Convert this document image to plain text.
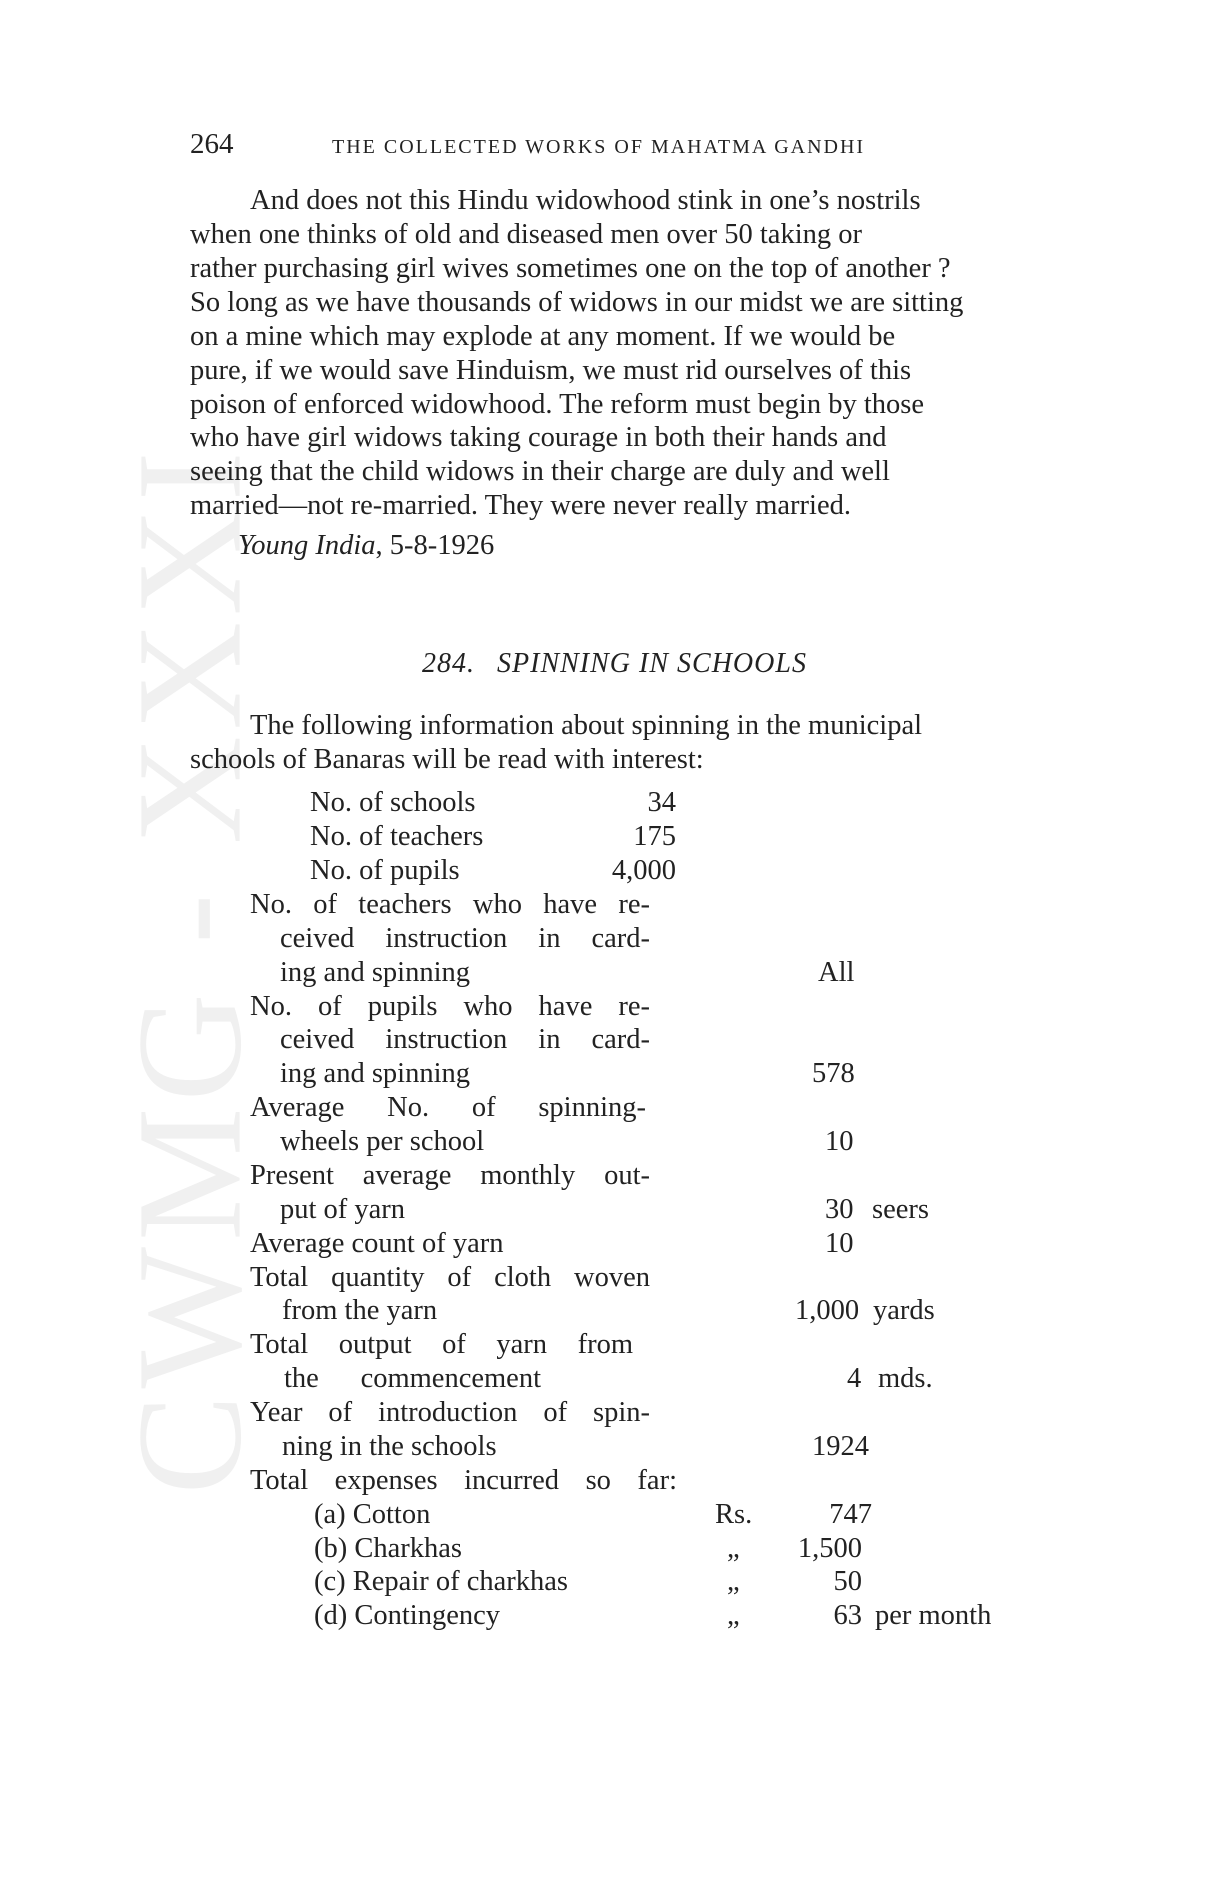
CWMG - XXXI
264	THE COLLECTED WORKS OF MAHATMA GANDHI

And does not this Hindu widowhood stink in one’s nostrils

when one thinks of old and diseased men over 50 taking or

rather purchasing girl wives sometimes one on the top of another ?

So long as we have thousands of widows in our midst we are sitting

on a mine which may explode at any moment. If we would be

pure, if we would save Hinduism, we must rid ourselves of this

poison of enforced widowhood. The reform must begin by those

who have girl widows taking courage in both their hands and

seeing that the child widows in their charge are duly and well

married—not re-married. They were never really married.

Young India, 5-8-1926
284. SPINNING IN SCHOOLS

The following information about spinning in the municipal

schools of Banaras will be read with interest:

No. of schools	34
No. of teachers	175
No. of pupils	4,000
No. of teachers who have re-
ceived instruction in card-
ing and spinning	All
No. of pupils who have re-
ceived instruction in card-
ing and spinning	578
Average No. of spinning-
wheels per school	10
Present average monthly out-
put of yarn	30 seers
Average count of yarn	10
Total quantity of cloth woven
from the yarn	1,000 yards
Total output of yarn from
the commencement	4 mds.
Year of introduction of spin-
ning in the schools	1924
Total expenses incurred so far:
(a) Cotton	Rs.	747
(b) Charkhas	„	1,500
(c) Repair of charkhas	„	50
(d) Contingency	„	63 per month
